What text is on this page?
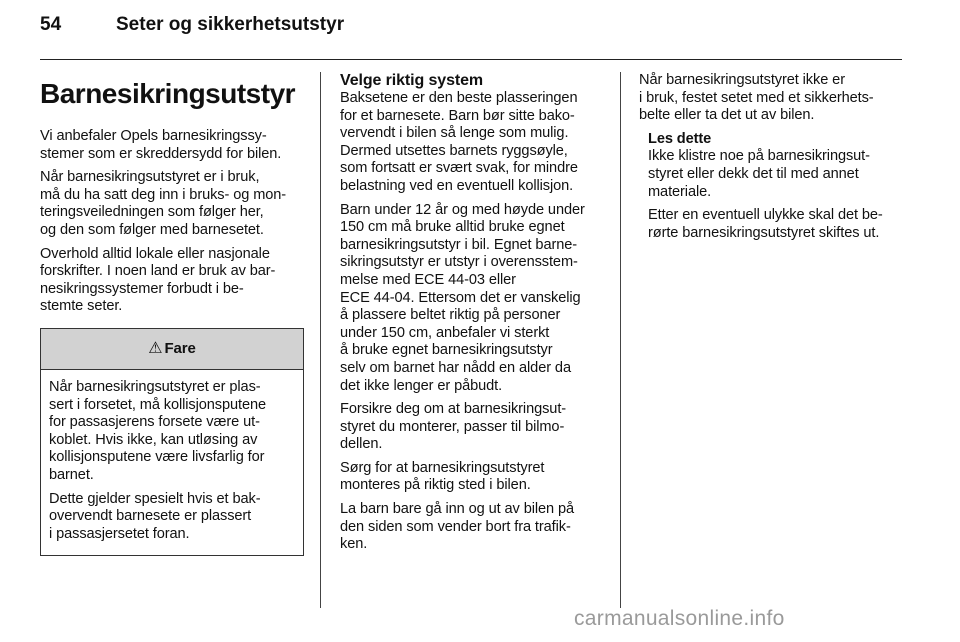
54	Seter og sikkerhetsutstyr
Barnesikringsutstyr

Vi anbefaler Opels barnesikringssy-
stemer som er skreddersydd for bilen.

Når barnesikringsutstyret er i bruk,
må du ha satt deg inn i bruks- og mon-
teringsveiledningen som følger her,
og den som følger med barnesetet.

Overhold alltid lokale eller nasjonale
forskrifter. I noen land er bruk av bar-
nesikringssystemer forbudt i be-
stemte seter.

⚠ Fare

Når barnesikringsutstyret er plas-
sert i forsetet, må kollisjonsputene
for passasjerens forsete være ut-
koblet. Hvis ikke, kan utløsing av
kollisjonsputene være livsfarlig for
barnet.

Dette gjelder spesielt hvis et bak-
overvendt barnesete er plassert
i passasjersetet foran.

Velge riktig system

Baksetene er den beste plasseringen
for et barnesete. Barn bør sitte bako-
vervendt i bilen så lenge som mulig.
Dermed utsettes barnets ryggsøyle,
som fortsatt er svært svak, for mindre
belastning ved en eventuell kollisjon.

Barn under 12 år og med høyde under
150 cm må bruke alltid bruke egnet
barnesikringsutstyr i bil. Egnet barne-
sikringsutstyr er utstyr i overensstem-
melse med ECE 44-03 eller
ECE 44-04. Ettersom det er vanskelig
å plassere beltet riktig på personer
under 150 cm, anbefaler vi sterkt
å bruke egnet barnesikringsutstyr
selv om barnet har nådd en alder da
det ikke lenger er påbudt.

Forsikre deg om at barnesikringsut-
styret du monterer, passer til bilmo-
dellen.

Sørg for at barnesikringsutstyret
monteres på riktig sted i bilen.

La barn bare gå inn og ut av bilen på
den siden som vender bort fra trafik-
ken.

Når barnesikringsutstyret ikke er
i bruk, festet setet med et sikkerhets-
belte eller ta det ut av bilen.

Les dette

Ikke klistre noe på barnesikringsut-
styret eller dekk det til med annet
materiale.

Etter en eventuell ulykke skal det be-
rørte barnesikringsutstyret skiftes ut.

carmanualsonline.info
